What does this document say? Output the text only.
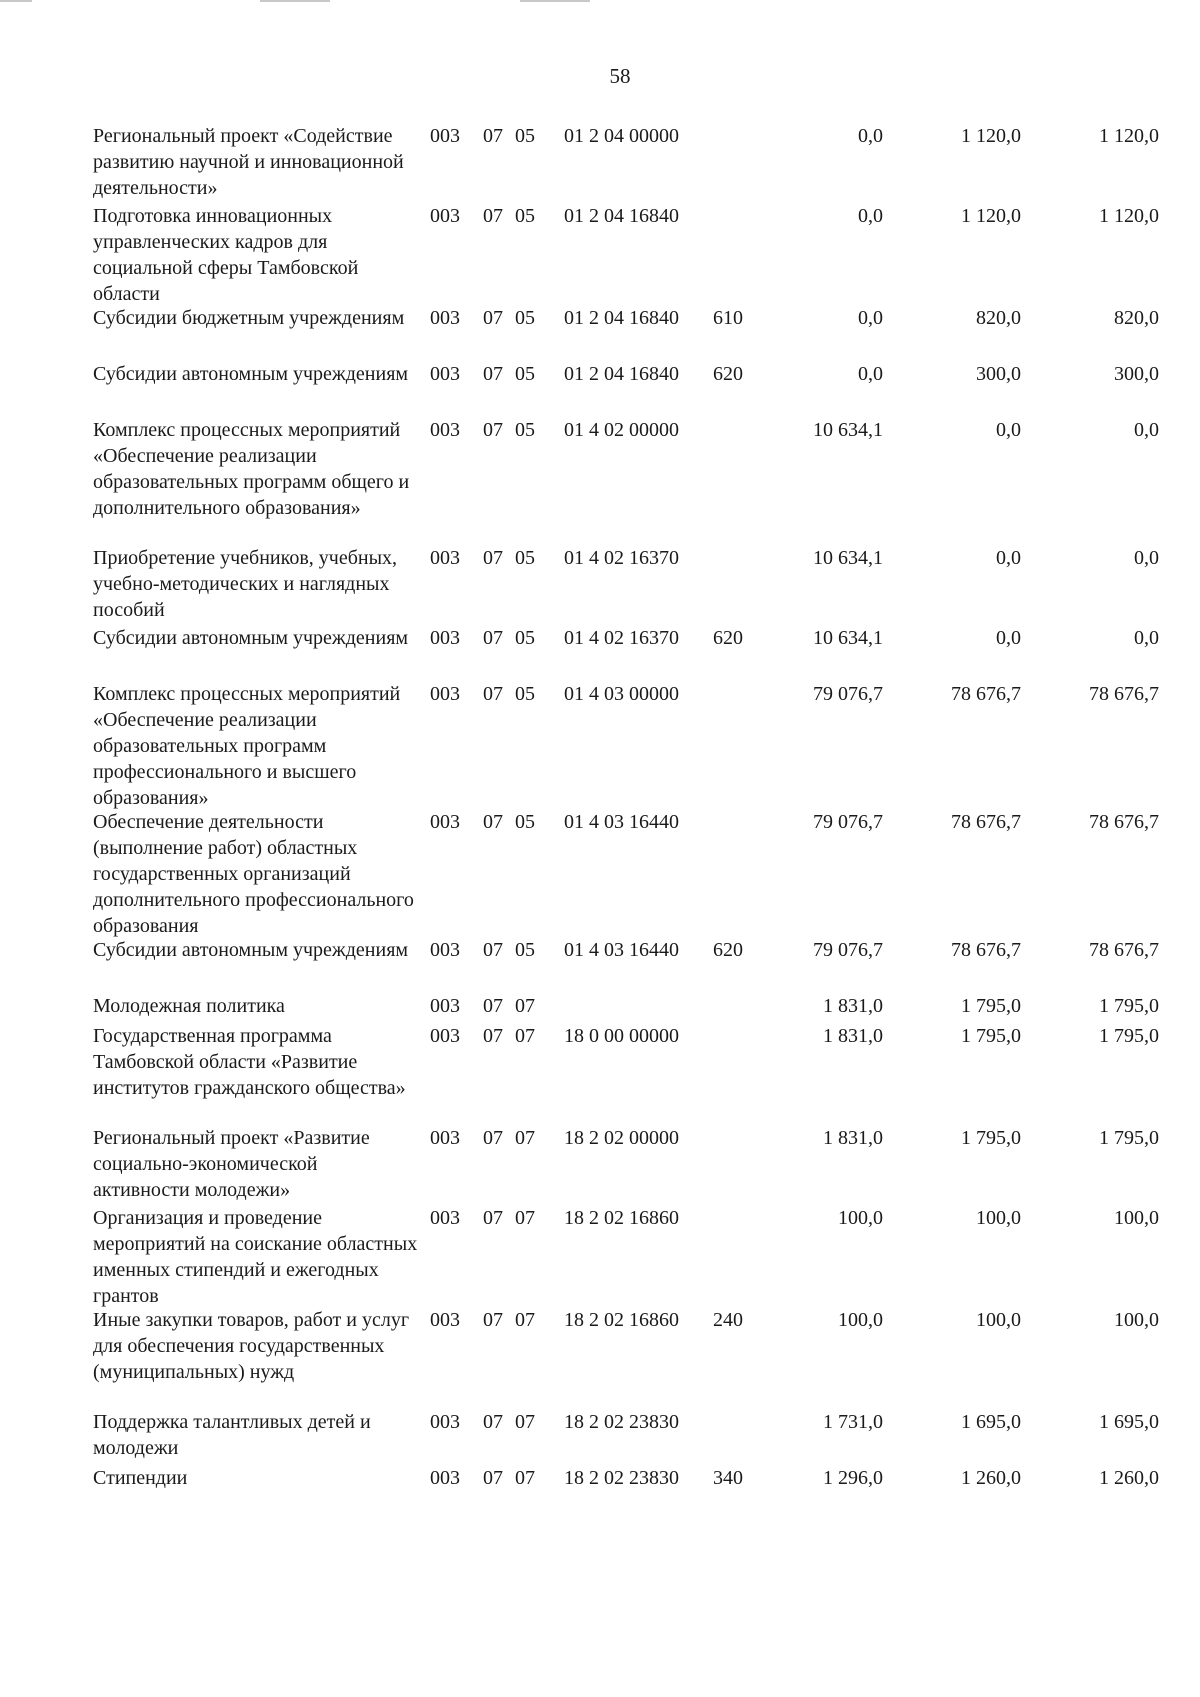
58
Региональный проект «Содействие развитию научной и инновационной деятельности»
003 07 05 01 2 04 00000	0,0	1 120,0	1 120,0
Подготовка инновационных управленческих кадров для социальной сферы Тамбовской области
003 07 05 01 2 04 16840	0,0	1 120,0	1 120,0
Субсидии бюджетным учреждениям	003 07 05 01 2 04 16840 610	0,0	820,0	820,0
Субсидии автономным учреждениям	003 07 05 01 2 04 16840 620	0,0	300,0	300,0
Комплекс процессных мероприятий «Обеспечение реализации образовательных программ общего и дополнительного образования»
003 07 05 01 4 02 00000	10 634,1	0,0	0,0
Приобретение учебников, учебных, учебно-методических и наглядных пособий
003 07 05 01 4 02 16370	10 634,1	0,0	0,0
Субсидии автономным учреждениям	003 07 05 01 4 02 16370 620	10 634,1	0,0	0,0
Комплекс процессных мероприятий «Обеспечение реализации образовательных программ профессионального и высшего образования»
003 07 05 01 4 03 00000	79 076,7	78 676,7	78 676,7
Обеспечение деятельности (выполнение работ) областных государственных организаций дополнительного профессионального образования
003 07 05 01 4 03 16440	79 076,7	78 676,7	78 676,7
Субсидии автономным учреждениям	003 07 05 01 4 03 16440 620	79 076,7	78 676,7	78 676,7
Молодежная политика	003 07 07	1 831,0	1 795,0	1 795,0
Государственная программа Тамбовской области «Развитие институтов гражданского общества»
003 07 07 18 0 00 00000	1 831,0	1 795,0	1 795,0
Региональный проект «Развитие социально-экономической активности молодежи»
003 07 07 18 2 02 00000	1 831,0	1 795,0	1 795,0
Организация и проведение мероприятий на соискание областных именных стипендий и ежегодных грантов
003 07 07 18 2 02 16860	100,0	100,0	100,0
Иные закупки товаров, работ и услуг для обеспечения государственных (муниципальных) нужд
003 07 07 18 2 02 16860 240	100,0	100,0	100,0
Поддержка талантливых детей и молодежи
003 07 07 18 2 02 23830	1 731,0	1 695,0	1 695,0
Стипендии	003 07 07 18 2 02 23830 340	1 296,0	1 260,0	1 260,0
